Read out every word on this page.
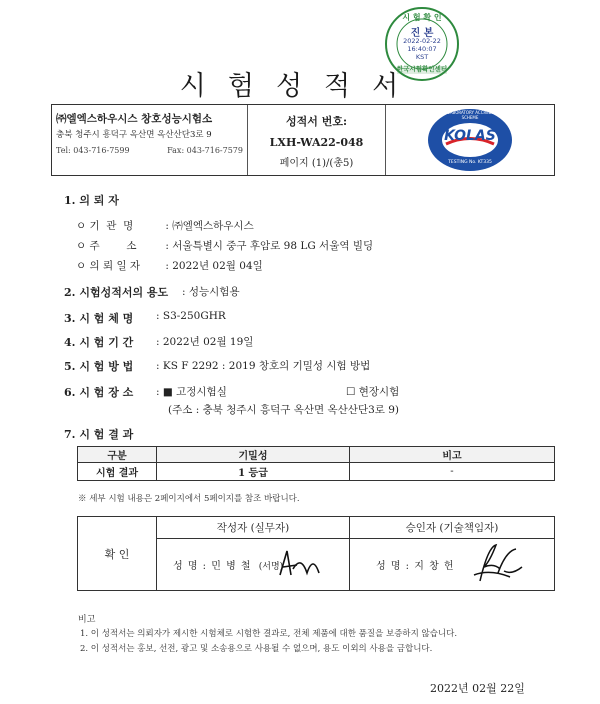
시 험 확 인
진 본
2022-02-22
16:40:07
KST
한국시험확인센터
시험성적서
㈜엘엑스하우시스 창호성능시험소
충북 청주시 흥덕구 옥산면 옥산산단3로 9
Tel: 043-716-7599	Fax: 043-716-7579
성적서 번호:
LXH-WA22-048
페이지 (1)/(총5)
KOREA LABORATORY ACCREDITATION SCHEME
KOLAS
TESTING No. KT335
1. 의 뢰 자
ㅇ 기  관  명	: ㈜엘엑스하우시스
ㅇ 주        소	: 서울특별시 중구 후암로 98 LG 서울역 빌딩
ㅇ 의 뢰 일 자 : 2022년 02월 04일
2. 시험성적서의 용도 : 성능시험용
3. 시 험 체 명 : S3-250GHR
4. 시 험 기 간 : 2022년 02월 19일
5. 시 험 방 법 : KS F 2292 : 2019 창호의 기밀성 시험 방법
6. 시 험 장 소 : ■ 고정시험실	☐ 현장시험
(주소 : 충북 청주시 흥덕구 옥산면 옥산산단3로 9)
7. 시 험 결 과
구분	기밀성	비고
시험 결과	1 등급	-
※ 세부 시험 내용은 2페이지에서 5페이지를 참조 바랍니다.
확 인	작성자 (실무자)	승인자 (기술책임자)
	성 명 : 민 병 철 (서명)	성 명 : 지 창 헌
비고
1. 이 성적서는 의뢰자가 제시한 시험체로 시험한 결과로, 전체 제품에 대한 품질을 보증하지 않습니다.
2. 이 성적서는 홍보, 선전, 광고 및 소송용으로 사용될 수 없으며, 용도 이외의 사용을 금합니다.
2022년 02월 22일
